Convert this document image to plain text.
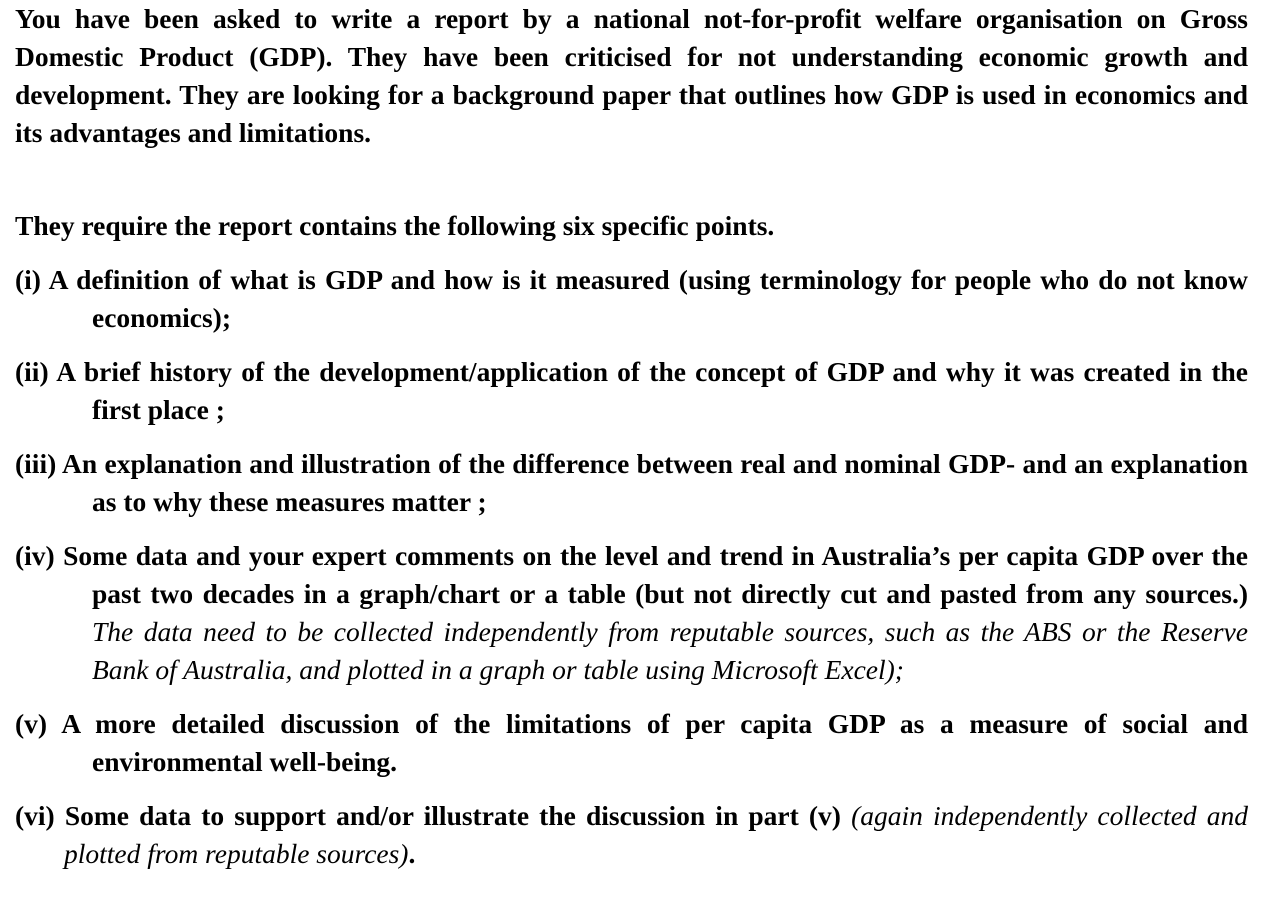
You have been asked to write a report by a national not-for-profit welfare organisation on Gross Domestic Product (GDP). They have been criticised for not understanding economic growth and development. They are looking for a background paper that outlines how GDP is used in economics and its advantages and limitations.

They require the report contains the following six specific points.

(i) A definition of what is GDP and how is it measured (using terminology for people who do not know economics);

(ii) A brief history of the development/application of the concept of GDP and why it was created in the first place ;

(iii) An explanation and illustration of the difference between real and nominal GDP- and an explanation as to why these measures matter ;

(iv) Some data and your expert comments on the level and trend in Australia’s per capita GDP over the past two decades in a graph/chart or a table (but not directly cut and pasted from any sources.) The data need to be collected independently from reputable sources, such as the ABS or the Reserve Bank of Australia, and plotted in a graph or table using Microsoft Excel);

(v) A more detailed discussion of the limitations of per capita GDP as a measure of social and environmental well-being.

(vi) Some data to support and/or illustrate the discussion in part (v) (again independently collected and plotted from reputable sources).
